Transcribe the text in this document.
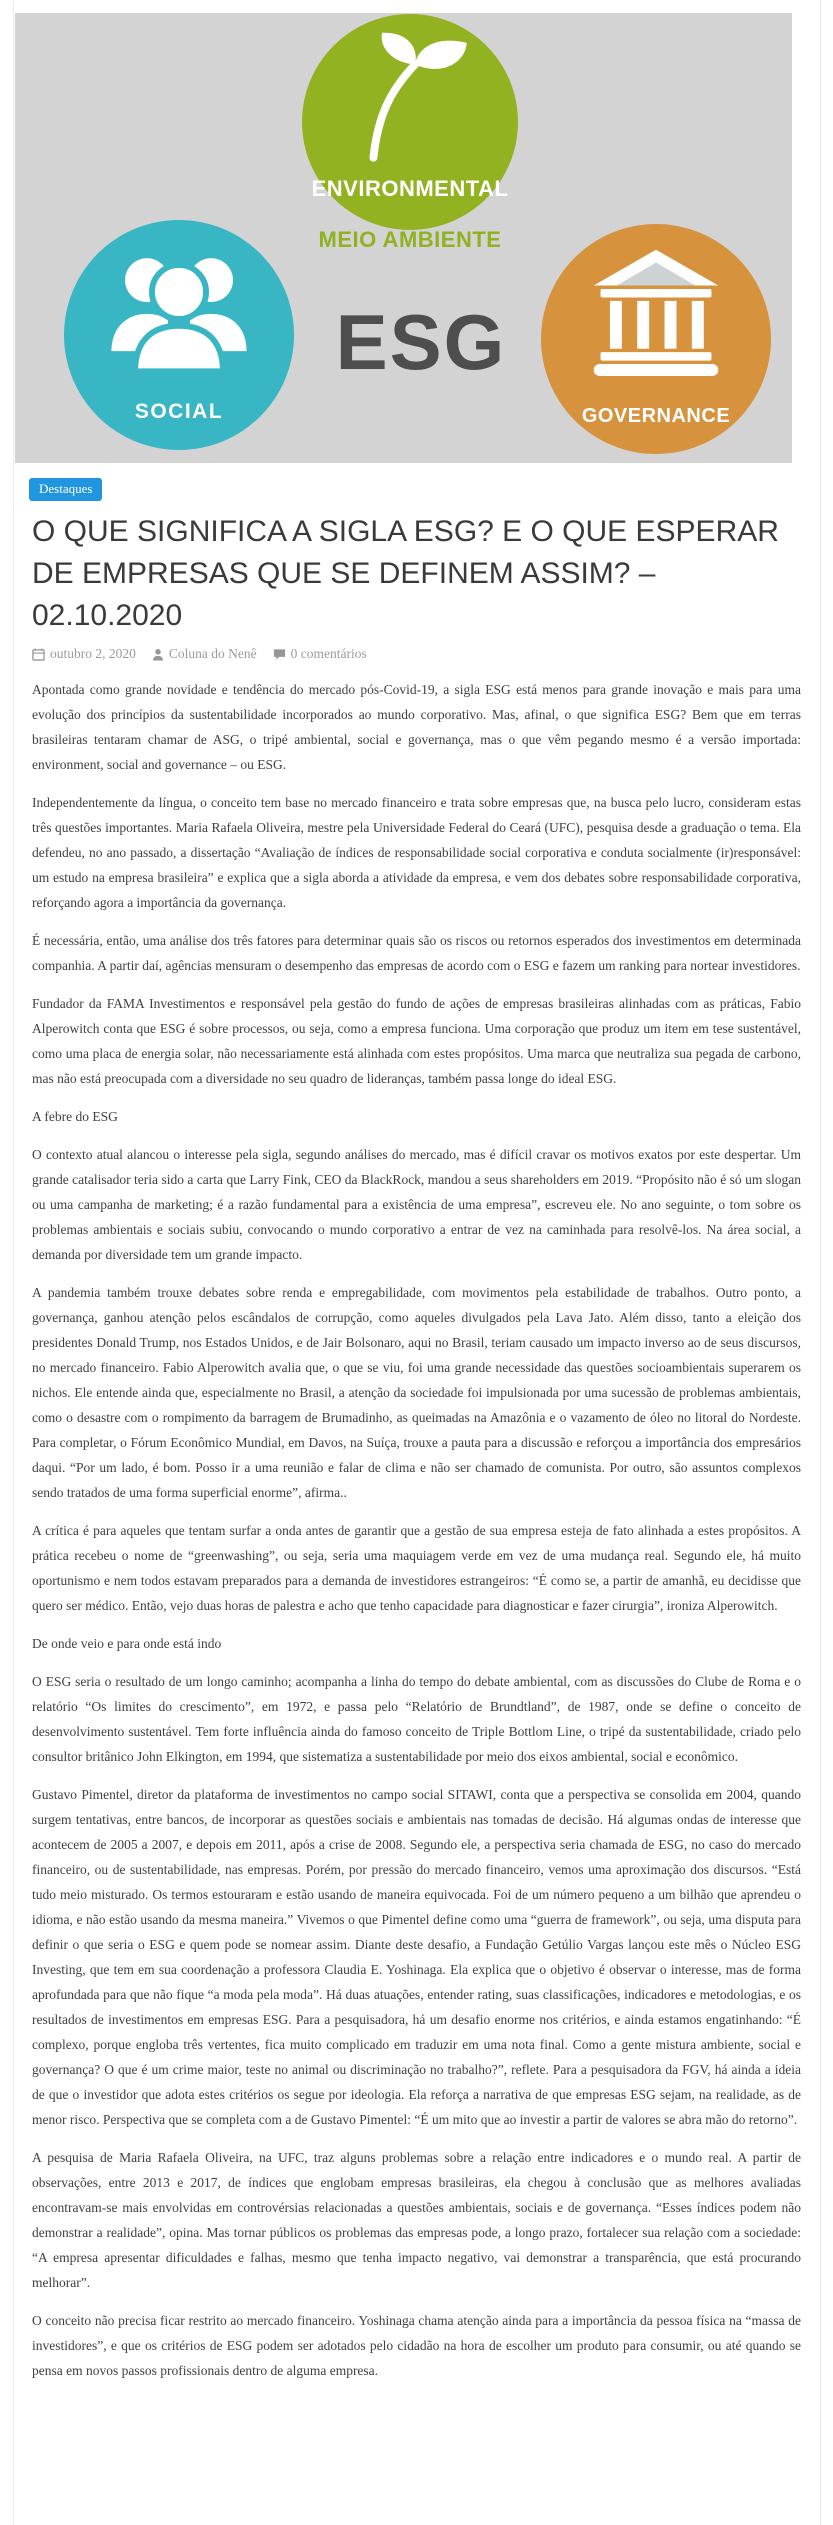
ENVIRONMENTAL
MEIO AMBIENTE
SOCIAL
ESG
GOVERNANCE
Destaques
O QUE SIGNIFICA A SIGLA ESG? E O QUE ESPERAR DE EMPRESAS QUE SE DEFINEM ASSIM? – 02.10.2020
outubro 2, 2020 Coluna do Nenê	0 comentários

Apontada como grande novidade e tendência do mercado pós-Covid-19, a sigla ESG está menos para grande inovação e mais para uma evolução dos princípios da sustentabilidade incorporados ao mundo corporativo. Mas, afinal, o que significa ESG? Bem que em terras brasileiras tentaram chamar de ASG, o tripé ambiental, social e governança, mas o que vêm pegando mesmo é a versão importada: environment, social and governance – ou ESG.

Independentemente da língua, o conceito tem base no mercado financeiro e trata sobre empresas que, na busca pelo lucro, consideram estas três questões importantes. Maria Rafaela Oliveira, mestre pela Universidade Federal do Ceará (UFC), pesquisa desde a graduação o tema. Ela defendeu, no ano passado, a dissertação “Avaliação de índices de responsabilidade social corporativa e conduta socialmente (ir)responsável: um estudo na empresa brasileira” e explica que a sigla aborda a atividade da empresa, e vem dos debates sobre responsabilidade corporativa, reforçando agora a importância da governança.

É necessária, então, uma análise dos três fatores para determinar quais são os riscos ou retornos esperados dos investimentos em determinada companhia. A partir daí, agências mensuram o desempenho das empresas de acordo com o ESG e fazem um ranking para nortear investidores.

Fundador da FAMA Investimentos e responsável pela gestão do fundo de ações de empresas brasileiras alinhadas com as práticas, Fabio Alperowitch conta que ESG é sobre processos, ou seja, como a empresa funciona. Uma corporação que produz um item em tese sustentável, como uma placa de energia solar, não necessariamente está alinhada com estes propósitos. Uma marca que neutraliza sua pegada de carbono, mas não está preocupada com a diversidade no seu quadro de lideranças, também passa longe do ideal ESG.

A febre do ESG

O contexto atual alancou o interesse pela sigla, segundo análises do mercado, mas é difícil cravar os motivos exatos por este despertar. Um grande catalisador teria sido a carta que Larry Fink, CEO da BlackRock, mandou a seus shareholders em 2019. “Propósito não é só um slogan ou uma campanha de marketing; é a razão fundamental para a existência de uma empresa”, escreveu ele. No ano seguinte, o tom sobre os problemas ambientais e sociais subiu, convocando o mundo corporativo a entrar de vez na caminhada para resolvê-los. Na área social, a demanda por diversidade tem um grande impacto.

A pandemia também trouxe debates sobre renda e empregabilidade, com movimentos pela estabilidade de trabalhos. Outro ponto, a governança, ganhou atenção pelos escândalos de corrupção, como aqueles divulgados pela Lava Jato. Além disso, tanto a eleição dos presidentes Donald Trump, nos Estados Unidos, e de Jair Bolsonaro, aqui no Brasil, teriam causado um impacto inverso ao de seus discursos, no mercado financeiro. Fabio Alperowitch avalia que, o que se viu, foi uma grande necessidade das questões socioambientais superarem os nichos. Ele entende ainda que, especialmente no Brasil, a atenção da sociedade foi impulsionada por uma sucessão de problemas ambientais, como o desastre com o rompimento da barragem de Brumadinho, as queimadas na Amazônia e o vazamento de óleo no litoral do Nordeste. Para completar, o Fórum Econômico Mundial, em Davos, na Suíça, trouxe a pauta para a discussão e reforçou a importância dos empresários daqui. “Por um lado, é bom. Posso ir a uma reunião e falar de clima e não ser chamado de comunista. Por outro, são assuntos complexos sendo tratados de uma forma superficial enorme”, afirma..

A crítica é para aqueles que tentam surfar a onda antes de garantir que a gestão de sua empresa esteja de fato alinhada a estes propósitos. A prática recebeu o nome de “greenwashing”, ou seja, seria uma maquiagem verde em vez de uma mudança real. Segundo ele, há muito oportunismo e nem todos estavam preparados para a demanda de investidores estrangeiros: “É como se, a partir de amanhã, eu decidisse que quero ser médico. Então, vejo duas horas de palestra e acho que tenho capacidade para diagnosticar e fazer cirurgia”, ironiza Alperowitch.

De onde veio e para onde está indo

O ESG seria o resultado de um longo caminho; acompanha a linha do tempo do debate ambiental, com as discussões do Clube de Roma e o relatório “Os limites do crescimento”, em 1972, e passa pelo “Relatório de Brundtland”, de 1987, onde se define o conceito de desenvolvimento sustentável. Tem forte influência ainda do famoso conceito de Triple Bottlom Line, o tripé da sustentabilidade, criado pelo consultor britânico John Elkington, em 1994, que sistematiza a sustentabilidade por meio dos eixos ambiental, social e econômico.

Gustavo Pimentel, diretor da plataforma de investimentos no campo social SITAWI, conta que a perspectiva se consolida em 2004, quando surgem tentativas, entre bancos, de incorporar as questões sociais e ambientais nas tomadas de decisão. Há algumas ondas de interesse que acontecem de 2005 a 2007, e depois em 2011, após a crise de 2008. Segundo ele, a perspectiva seria chamada de ESG, no caso do mercado financeiro, ou de sustentabilidade, nas empresas. Porém, por pressão do mercado financeiro, vemos uma aproximação dos discursos. “Está tudo meio misturado. Os termos estouraram e estão usando de maneira equivocada. Foi de um número pequeno a um bilhão que aprendeu o idioma, e não estão usando da mesma maneira.” Vivemos o que Pimentel define como uma “guerra de framework”, ou seja, uma disputa para definir o que seria o ESG e quem pode se nomear assim. Diante deste desafio, a Fundação Getúlio Vargas lançou este mês o Núcleo ESG Investing, que tem em sua coordenação a professora Claudia E. Yoshinaga. Ela explica que o objetivo é observar o interesse, mas de forma aprofundada para que não fique “a moda pela moda”. Há duas atuações, entender rating, suas classificações, indicadores e metodologias, e os resultados de investimentos em empresas ESG. Para a pesquisadora, há um desafio enorme nos critérios, e ainda estamos engatinhando: “É complexo, porque engloba três vertentes, fica muito complicado em traduzir em uma nota final. Como a gente mistura ambiente, social e governança? O que é um crime maior, teste no animal ou discriminação no trabalho?”, reflete. Para a pesquisadora da FGV, há ainda a ideia de que o investidor que adota estes critérios os segue por ideologia. Ela reforça a narrativa de que empresas ESG sejam, na realidade, as de menor risco. Perspectiva que se completa com a de Gustavo Pimentel: “É um mito que ao investir a partir de valores se abra mão do retorno”.

A pesquisa de Maria Rafaela Oliveira, na UFC, traz alguns problemas sobre a relação entre indicadores e o mundo real. A partir de observações, entre 2013 e 2017, de índices que englobam empresas brasileiras, ela chegou à conclusão que as melhores avaliadas encontravam-se mais envolvidas em controvérsias relacionadas a questões ambientais, sociais e de governança. “Esses índices podem não demonstrar a realidade”, opina. Mas tornar públicos os problemas das empresas pode, a longo prazo, fortalecer sua relação com a sociedade: “A empresa apresentar dificuldades e falhas, mesmo que tenha impacto negativo, vai demonstrar a transparência, que está procurando melhorar”.

O conceito não precisa ficar restrito ao mercado financeiro. Yoshinaga chama atenção ainda para a importância da pessoa física na “massa de investidores”, e que os critérios de ESG podem ser adotados pelo cidadão na hora de escolher um produto para consumir, ou até quando se pensa em novos passos profissionais dentro de alguma empresa.
